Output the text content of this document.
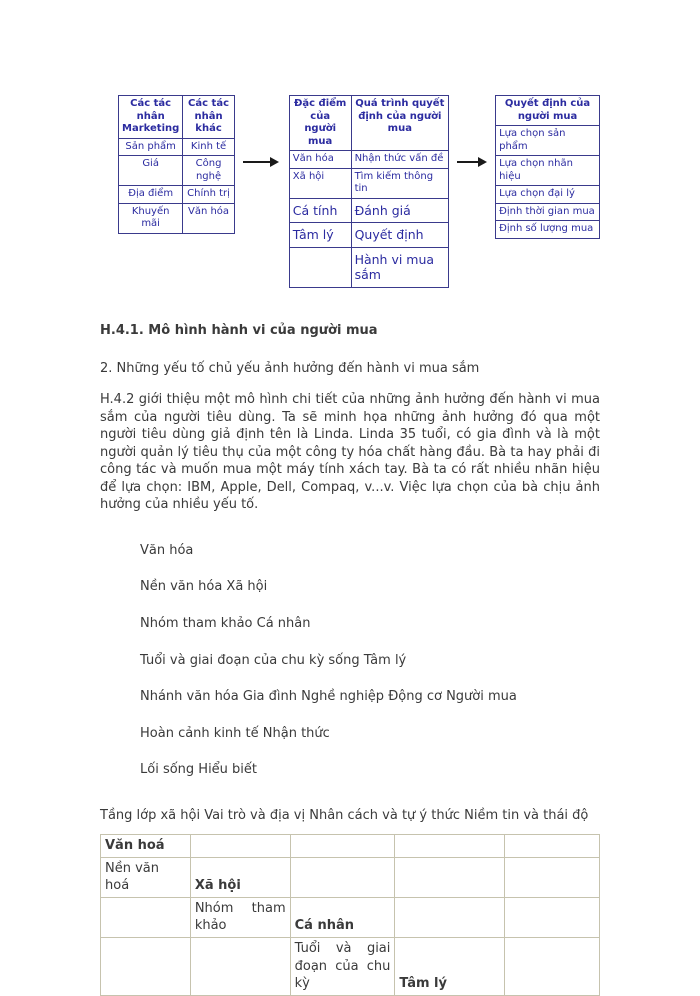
Các tác nhân Marketing	Các tác nhân khác
Sản phẩm	Kinh tế
Giá	Công nghệ
Địa điểm	Chính trị
Khuyến mãi	Văn hóa
Đặc điểm của người mua	Quá trình quyết định của người mua
Văn hóa	Nhận thức vấn đề
Xã hội	Tìm kiếm thông tin
Cá tính	Đánh giá
Tâm lý	Quyết định
	Hành vi mua sắm
Quyết định của người mua
Lựa chọn sản phẩm
Lựa chọn nhãn hiệu
Lựa chọn đại lý
Định thời gian mua
Định số lượng mua
H.4.1. Mô hình hành vi của người mua

2. Những yếu tố chủ yếu ảnh hưởng đến hành vi mua sắm

H.4.2 giới thiệu một mô hình chi tiết của những ảnh hưởng đến hành vi mua sắm của người tiêu dùng. Ta sẽ minh họa những ảnh hưởng đó qua một người tiêu dùng giả định tên là Linda. Linda 35 tuổi, có gia đình và là một người quản lý tiêu thụ của một công ty hóa chất hàng đầu. Bà ta hay phải đi công tác và muốn mua một máy tính xách tay. Bà ta có rất nhiều nhãn hiệu để lựa chọn: IBM, Apple, Dell, Compaq, v...v. Việc lựa chọn của bà chịu ảnh hưởng của nhiều yếu tố.

Văn hóa

Nền văn hóa Xã hội

Nhóm tham khảo Cá nhân

Tuổi và giai đoạn của chu kỳ sống Tâm lý

Nhánh văn hóa Gia đình Nghề nghiệp Động cơ Người mua

Hoàn cảnh kinh tế Nhận thức

Lối sống Hiểu biết

Tầng lớp xã hội Vai trò và địa vị Nhân cách và tự ý thức Niềm tin và thái độ

Văn hoá				
Nền văn hoá	Xã hội			
	Nhóm tham khảo	Cá nhân		
		Tuổi và giai đoạn của chu kỳ	Tâm lý	
